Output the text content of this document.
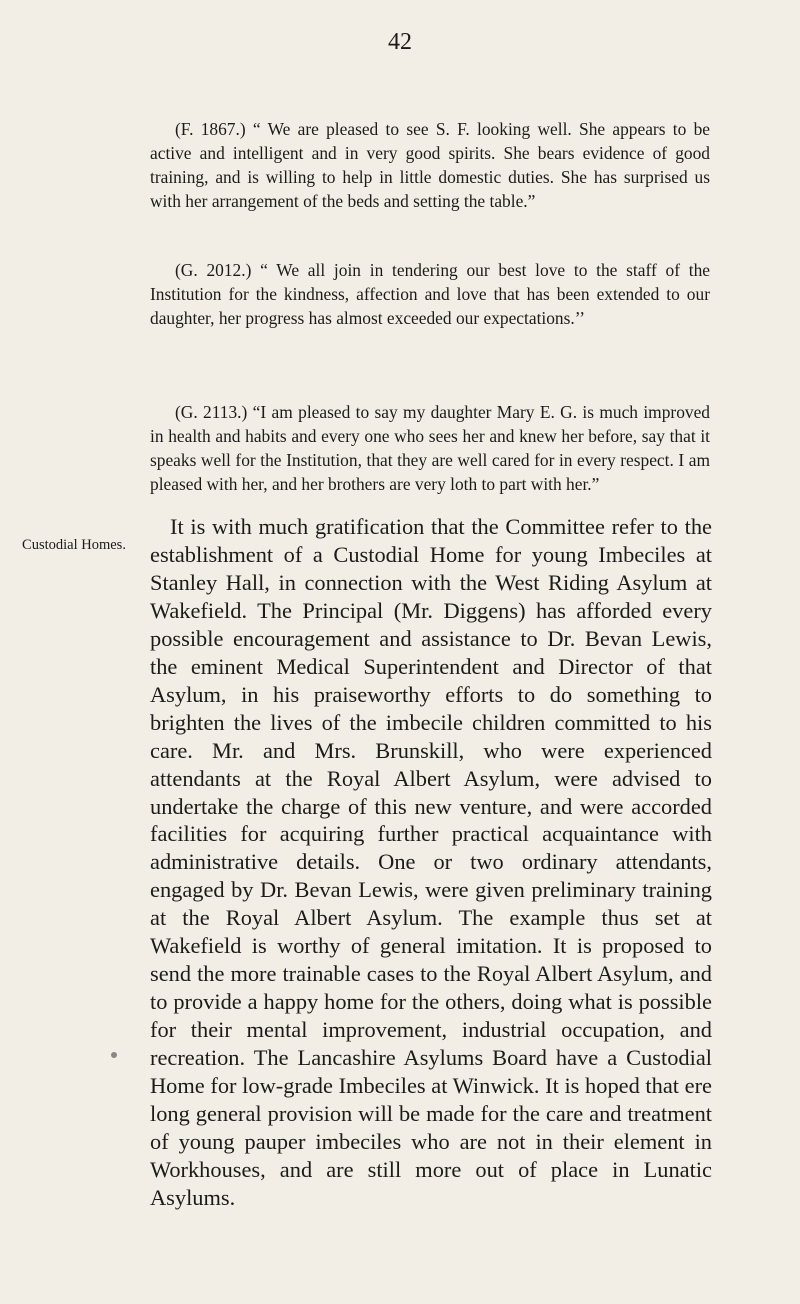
42

(F. 1867.) “ We are pleased to see S. F. looking well. She appears to be active and intelligent and in very good spirits. She bears evidence of good training, and is willing to help in little domestic duties. She has surprised us with her arrangement of the beds and setting the table.”

(G. 2012.) “ We all join in tendering our best love to the staff of the Institution for the kindness, affection and love that has been extended to our daughter, her progress has almost exceeded our expectations.’’

(G. 2113.) “I am pleased to say my daughter Mary E. G. is much improved in health and habits and every one who sees her and knew her before, say that it speaks well for the Institution, that they are well cared for in every respect. I am pleased with her, and her brothers are very loth to part with her.”

Custodial Homes.

It is with much gratification that the Committee refer to the establishment of a Custodial Home for young Imbeciles at Stanley Hall, in connection with the West Riding Asylum at Wakefield. The Principal (Mr. Diggens) has afforded every possible encouragement and assistance to Dr. Bevan Lewis, the eminent Medical Superintendent and Director of that Asylum, in his praiseworthy efforts to do something to brighten the lives of the imbecile children committed to his care. Mr. and Mrs. Brunskill, who were experienced attendants at the Royal Albert Asylum, were advised to undertake the charge of this new venture, and were accorded facilities for acquiring further practical acquaintance with administrative details. One or two ordinary attendants, engaged by Dr. Bevan Lewis, were given preliminary training at the Royal Albert Asylum. The example thus set at Wakefield is worthy of general imitation. It is proposed to send the more trainable cases to the Royal Albert Asylum, and to provide a happy home for the others, doing what is possible for their mental improvement, industrial occupation, and recreation. The Lancashire Asylums Board have a Custodial Home for low-grade Imbeciles at Winwick. It is hoped that ere long general provision will be made for the care and treatment of young pauper imbeciles who are not in their element in Workhouses, and are still more out of place in Lunatic Asylums.
